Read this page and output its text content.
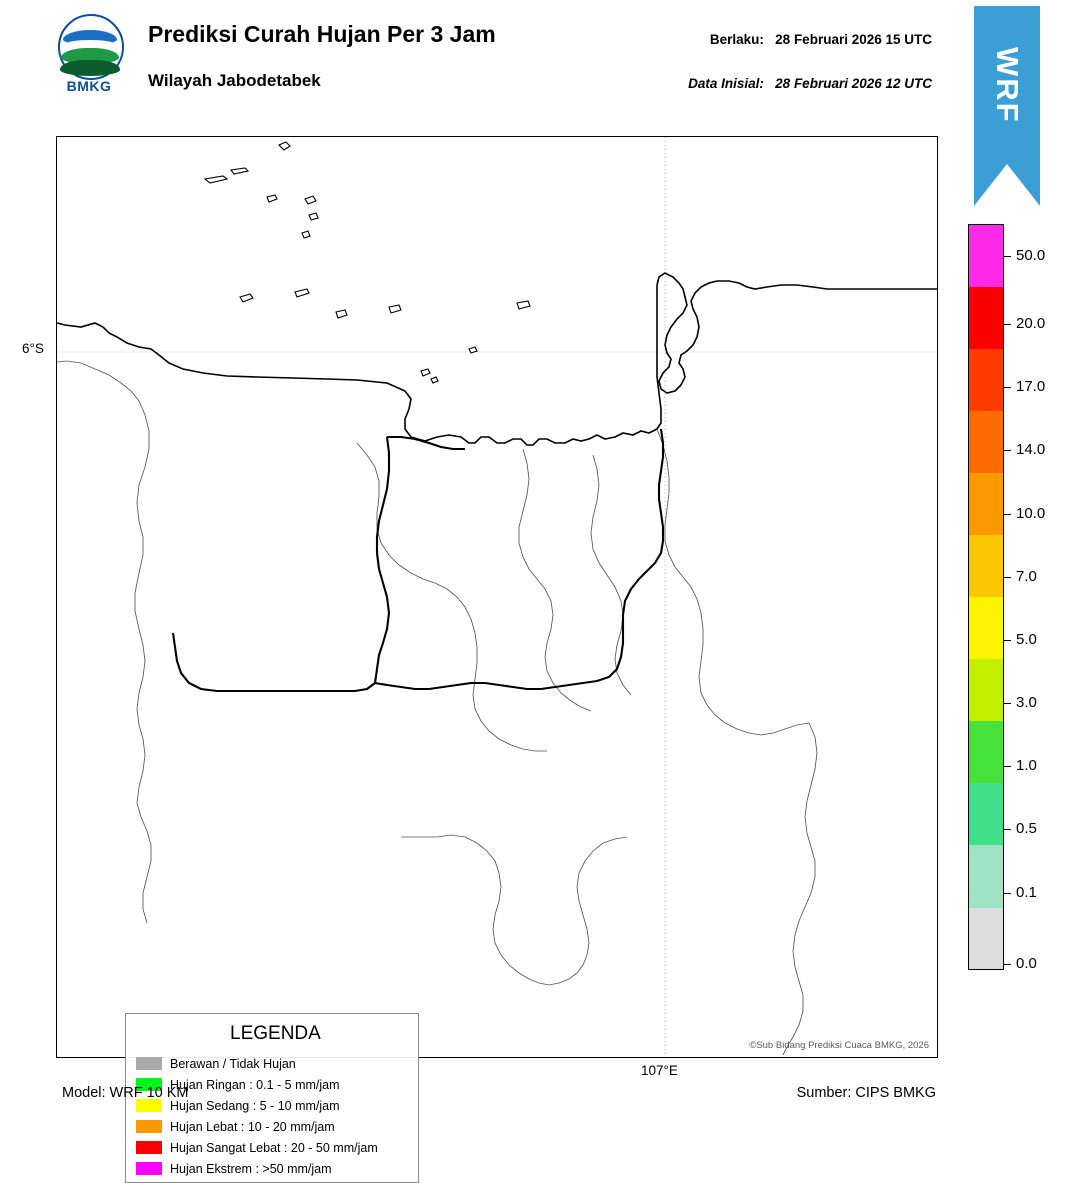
BMKG
Prediksi Curah Hujan Per 3 Jam
Wilayah Jabodetabek
Berlaku: 28 Februari 2026 15 UTC
Data Inisial: 28 Februari 2026 12 UTC	WRF
LEGENDA
Berawan / Tidak Hujan
Hujan Ringan : 0.1 - 5 mm/jam
Hujan Sedang : 5 - 10 mm/jam
Hujan Lebat : 10 - 20 mm/jam
Hujan Sangat Lebat : 20 - 50 mm/jam
Hujan Ekstrem : >50 mm/jam
©Sub Bidang Prediksi Cuaca BMKG, 2026
6°S
107°E
50.0
20.0
17.0
14.0
10.0
7.0
5.0
3.0
1.0
0.5
0.1
0.0
Model: WRF 10 KM	Sumber: CIPS BMKG
